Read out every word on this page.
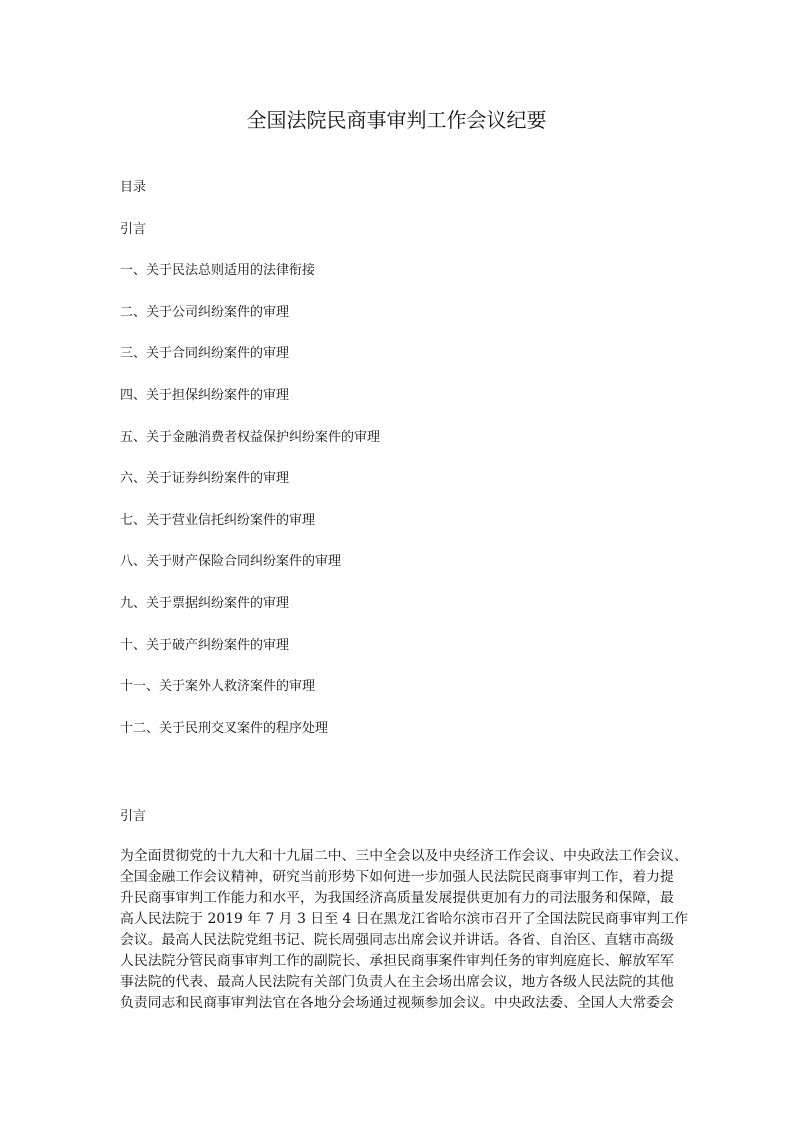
全国法院民商事审判工作会议纪要
目录
引言
一、关于民法总则适用的法律衔接
二、关于公司纠纷案件的审理
三、关于合同纠纷案件的审理
四、关于担保纠纷案件的审理
五、关于金融消费者权益保护纠纷案件的审理
六、关于证券纠纷案件的审理
七、关于营业信托纠纷案件的审理
八、关于财产保险合同纠纷案件的审理
九、关于票据纠纷案件的审理
十、关于破产纠纷案件的审理
十一、关于案外人救济案件的审理
十二、关于民刑交叉案件的程序处理
引言
为全面贯彻党的十九大和十九届二中、三中全会以及中央经济工作会议、中央政法工作会议、
全国金融工作会议精神，研究当前形势下如何进一步加强人民法院民商事审判工作，着力提
升民商事审判工作能力和水平，为我国经济高质量发展提供更加有力的司法服务和保障，最
高人民法院于 2019 年 7 月 3 日至 4 日在黑龙江省哈尔滨市召开了全国法院民商事审判工作
会议。最高人民法院党组书记、院长周强同志出席会议并讲话。各省、自治区、直辖市高级
人民法院分管民商事审判工作的副院长、承担民商事案件审判任务的审判庭庭长、解放军军
事法院的代表、最高人民法院有关部门负责人在主会场出席会议，地方各级人民法院的其他
负责同志和民商事审判法官在各地分会场通过视频参加会议。中央政法委、全国人大常委会
